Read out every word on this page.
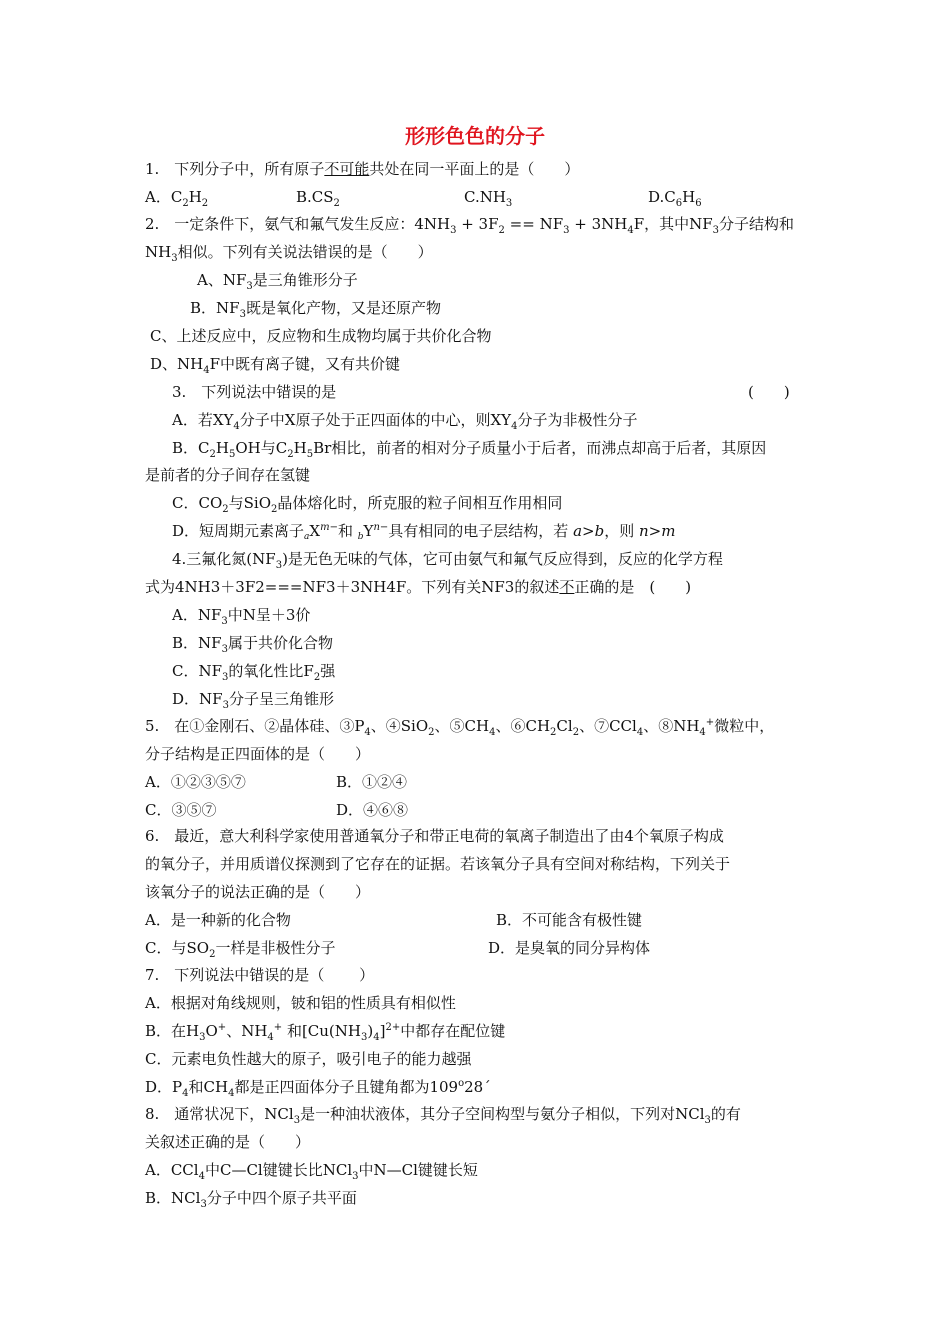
形形色色的分子
1.　下列分子中，所有原子不可能共处在同一平面上的是（　　）
A．$C_2H_2$	$B.CS_2$	$C.NH_3$	$D.C_6H_6$
2.　一定条件下，氨气和氟气发生反应：$4NH_3 + 3F_2 == NF_3 + 3NH_4F$，其中$NF_3$分子结构和
$NH_3$相似。下列有关说法错误的是（　　）
A、$NF_3$是三角锥形分子
B．$NF_3$既是氧化产物，又是还原产物
C、上述反应中，反应物和生成物均属于共价化合物
D、$NH_4F$中既有离子键，又有共价键
3.　下列说法中错误的是	(　　)
A．若$XY_4$分子中X原子处于正四面体的中心，则$XY_4$分子为非极性分子
B．$C_2H_5OH$与$C_2H_5Br$相比，前者的相对分子质量小于后者，而沸点却高于后者，其原因
是前者的分子间存在氢键
C．$CO_2$与SiO$_2$晶体熔化时，所克服的粒子间相互作用相同
D．短周期元素离子$_aX^{m-}$和 $_bY^{n-}$具有相同的电子层结构，若 a>b，则 n>m
4.三氟化氮$(NF_3)$是无色无味的气体，它可由氨气和氟气反应得到，反应的化学方程
式为4NH3＋3F2===NF3＋3NH4F。下列有关NF3的叙述不正确的是　(　　)
A．$NF_3$中N呈＋3价
B．$NF_3$属于共价化合物
C．$NF_3$的氧化性比$F_2$强
D．$NF_3$分子呈三角锥形
5.　在①金刚石、②晶体硅、$③P_4$、④SiO$_2$、$⑤CH_4$、$⑥CH_2Cl_2$、⑦CCl$_4$、$⑧NH_4^+$微粒中，
分子结构是正四面体的是（　　）
A．①②③⑤⑦	B．①②④
C．③⑤⑦	D．④⑥⑧
6.　最近，意大利科学家使用普通氧分子和带正电荷的氧离子制造出了由4个氧原子构成
的氧分子，并用质谱仪探测到了它存在的证据。若该氧分子具有空间对称结构，下列关于
该氧分子的说法正确的是（　　）
A．是一种新的化合物	B．不可能含有极性键
C．与$SO_2$一样是非极性分子	D．是臭氧的同分异构体
7.　下列说法中错误的是（　　 ）
A．根据对角线规则，铍和铝的性质具有相似性
B．在$H_3O^+$、$NH_4^+$ 和$[Cu(NH_3)_4]^{2+}$中都存在配位键
C．元素电负性越大的原子，吸引电子的能力越强
D．$P_4$和$CH_4$都是正四面体分子且键角都为109$^o$28´
8.　通常状况下，NCl$_3$是一种油状液体，其分子空间构型与氨分子相似，下列对NCl$_3$的有
关叙述正确的是（　　）
A．CCl$_4$中C—Cl键键长比NCl$_3$中N—Cl键键长短
B．NCl$_3$分子中四个原子共平面
